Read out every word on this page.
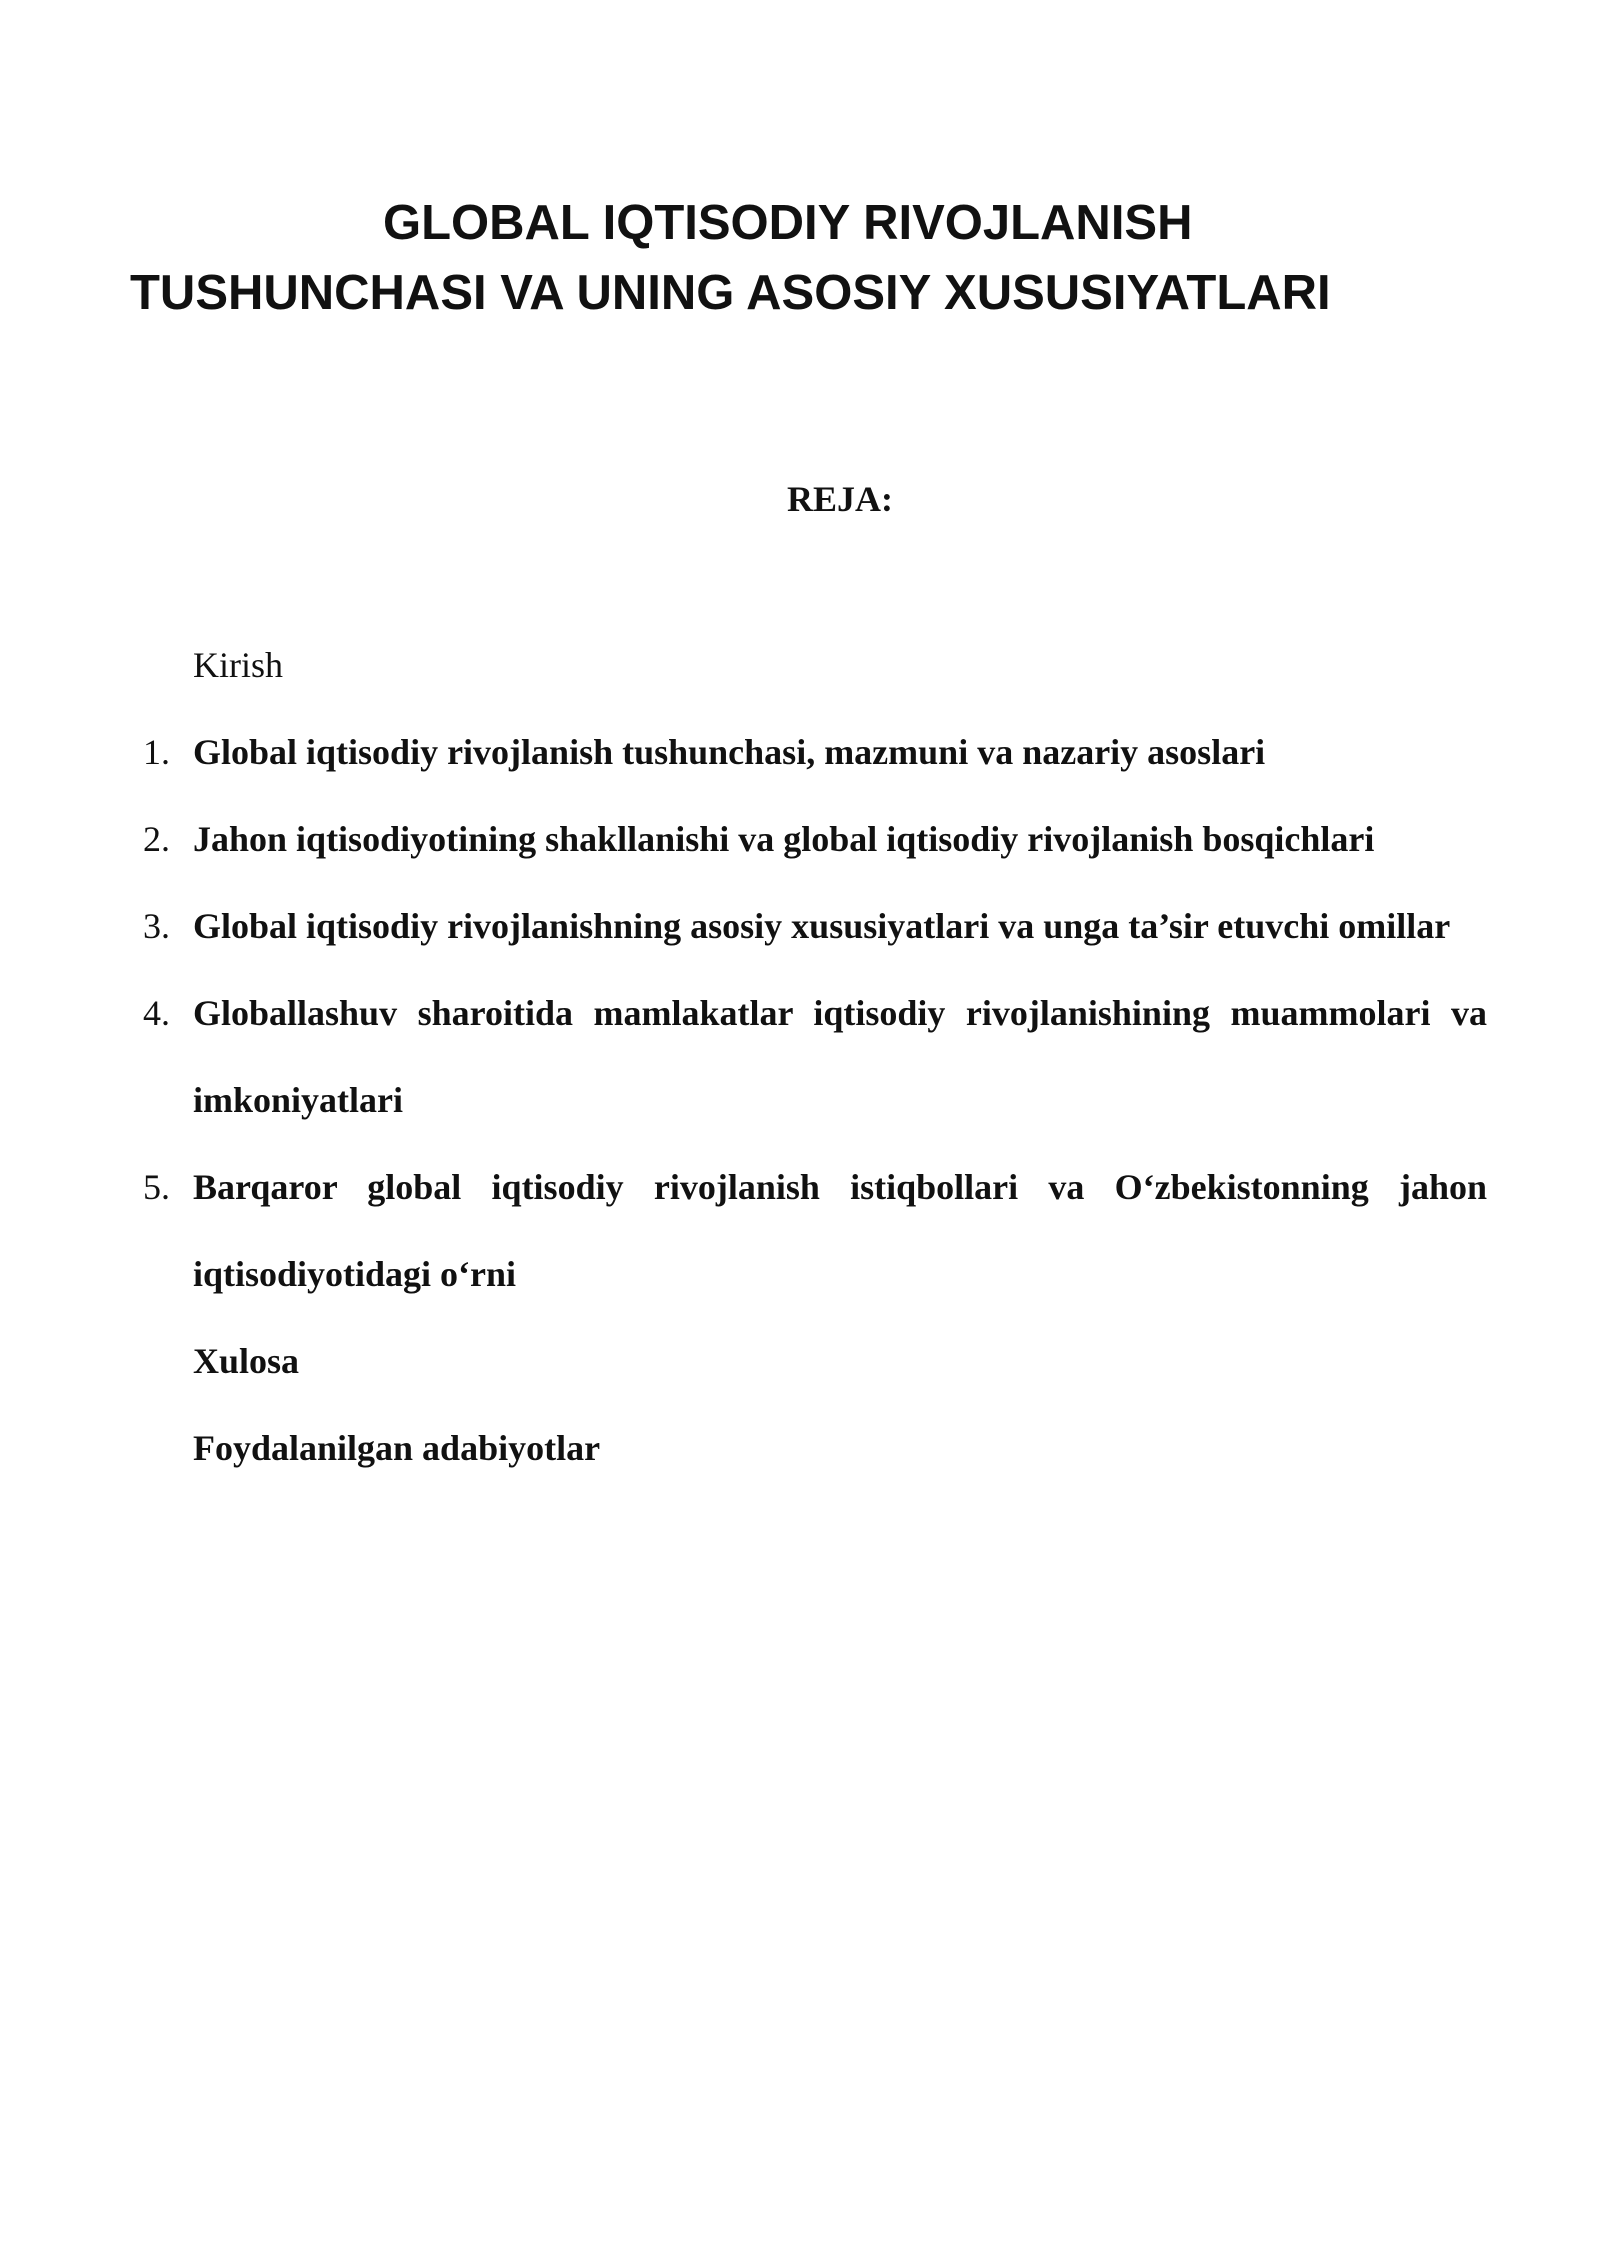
GLOBAL IQTISODIY RIVOJLANISH
TUSHUNCHASI VA UNING ASOSIY XUSUSIYATLARI
REJA:
Kirish
1. Global iqtisodiy rivojlanish tushunchasi, mazmuni va nazariy asoslari
2. Jahon iqtisodiyotining shakllanishi va global iqtisodiy rivojlanish bosqichlari
3. Global iqtisodiy rivojlanishning asosiy xususiyatlari va unga ta’sir etuvchi omillar
4. Globallashuv sharoitida mamlakatlar iqtisodiy rivojlanishining muammolari va imkoniyatlari
5. Barqaror global iqtisodiy rivojlanish istiqbollari va O‘zbekistonning jahon iqtisodiyotidagi o‘rni
Xulosa
Foydalanilgan adabiyotlar
